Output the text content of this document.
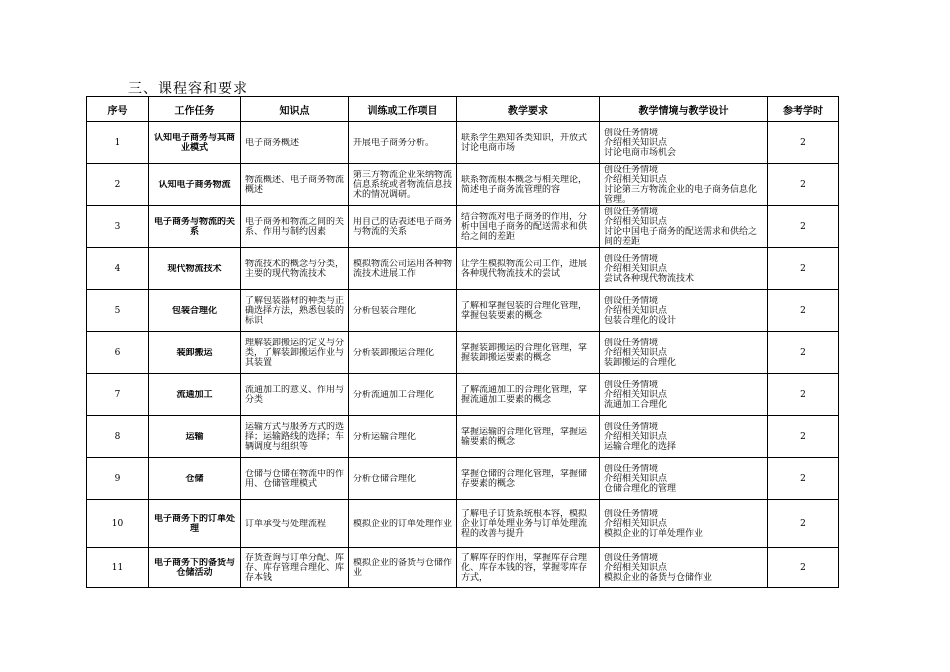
三、课程容和要求
序号	工作任务	知识点	训练或工作项目	教学要求	教学情境与教学设计	参考学时

1	认知电子商务与其商业模式	电子商务概述	开展电子商务分析。	联系学生熟知各类知识，开放式讨论电商市场	创设任务情境
介绍相关知识点
讨论电商市场机会	2

2	认知电子商务物流	物流概述、电子商务物流概述	第三方物流企业采纳物流信息系统或者物流信息技术的情况调研。	联系物流根本概念与相关理论，简述电子商务流管理的容	创设任务情境
介绍相关知识点
讨论第三方物流企业的电子商务信息化管理。	2

3	电子商务与物流的关系	电子商务和物流之间的关系、作用与制约因素	用自己的话表述电子商务与物流的关系	结合物流对电子商务的作用，分析中国电子商务的配送需求和供给之间的差距	创设任务情境
介绍相关知识点
讨论中国电子商务的配送需求和供给之间的差距	2

4	现代物流技术	物流技术的概念与分类，主要的现代物流技术	模拟物流公司运用各种物流技术进展工作	让学生模拟物流公司工作，进展各种现代物流技术的尝试	创设任务情境
介绍相关知识点
尝试各种现代物流技术	2

5	包装合理化	了解包装器材的种类与正确选择方法，熟悉包装的标识	分析包装合理化	了解和掌握包装的合理化管理，掌握包装要素的概念	创设任务情境
介绍相关知识点
包装合理化的设计	2

6	装卸搬运	理解装卸搬运的定义与分类，了解装卸搬运作业与其装置	分析装卸搬运合理化	掌握装卸搬运的合理化管理，掌握装卸搬运要素的概念	创设任务情境
介绍相关知识点
装卸搬运的合理化	2

7	流通加工	流通加工的意义、作用与分类	分析流通加工合理化	了解流通加工的合理化管理，掌握流通加工要素的概念	创设任务情境
介绍相关知识点
流通加工合理化	2

8	运输	运输方式与服务方式的选择；运输路线的选择；车辆调度与组织等	分析运输合理化	掌握运输的合理化管理，掌握运输要素的概念	创设任务情境
介绍相关知识点
运输合理化的选择	2

9	仓储	仓储与仓储在物流中的作用、仓储管理模式	分析仓储合理化	掌握仓储的合理化管理，掌握储存要素的概念	创设任务情境
介绍相关知识点
仓储合理化的管理	2

10	电子商务下的订单处理	订单承受与处理流程	模拟企业的订单处理作业	了解电子订货系统根本容，模拟企业订单处理业务与订单处理流程的改善与提升	创设任务情境
介绍相关知识点
模拟企业的订单处理作业	2

11	电子商务下的备货与仓储活动	存货查询与订单分配、库存、库存管理合理化、库存本钱	模拟企业的备货与仓储作业	了解库存的作用，掌握库存合理化、库存本钱的容，掌握零库存方式，	创设任务情境
介绍相关知识点
模拟企业的备货与仓储作业	2
